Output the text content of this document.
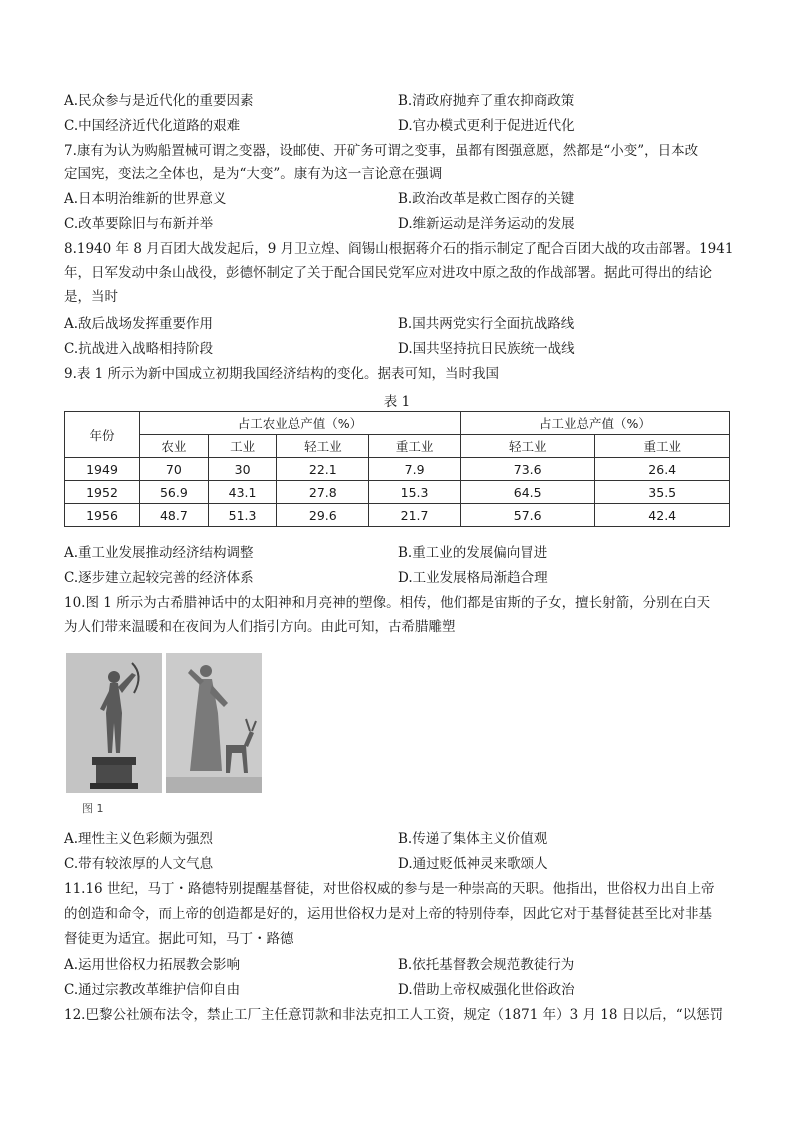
A.民众参与是近代化的重要因素	B.清政府抛弃了重农抑商政策
C.中国经济近代化道路的艰难	D.官办模式更利于促进近代化
7.康有为认为购船置械可谓之变器，设邮使、开矿务可谓之变事，虽都有图强意愿，然都是“小变”，日本改
定国宪，变法之全体也，是为“大变”。康有为这一言论意在强调
A.日本明治维新的世界意义	B.政治改革是救亡图存的关键
C.改革要除旧与布新并举	D.维新运动是洋务运动的发展
8.1940 年 8 月百团大战发起后，9 月卫立煌、阎锡山根据蒋介石的指示制定了配合百团大战的攻击部署。1941
年，日军发动中条山战役，彭德怀制定了关于配合国民党军应对进攻中原之敌的作战部署。据此可得出的结论
是，当时
A.敌后战场发挥重要作用	B.国共两党实行全面抗战路线
C.抗战进入战略相持阶段	D.国共坚持抗日民族统一战线
9.表 1 所示为新中国成立初期我国经济结构的变化。据表可知，当时我国
表 1
年份	占工农业总产值（%）				占工业总产值（%）	
	农业	工业	轻工业	重工业	轻工业	重工业
1949	70	30	22.1	7.9	73.6	26.4
1952	56.9	43.1	27.8	15.3	64.5	35.5
1956	48.7	51.3	29.6	21.7	57.6	42.4
A.重工业发展推动经济结构调整	B.重工业的发展偏向冒进
C.逐步建立起较完善的经济体系	D.工业发展格局渐趋合理
10.图 1 所示为古希腊神话中的太阳神和月亮神的塑像。相传，他们都是宙斯的子女，擅长射箭，分别在白天
为人们带来温暖和在夜间为人们指引方向。由此可知，古希腊雕塑
图 1
A.理性主义色彩颇为强烈	B.传递了集体主义价值观
C.带有较浓厚的人文气息	D.通过贬低神灵来歌颂人
11.16 世纪，马丁・路德特别提醒基督徒，对世俗权威的参与是一种崇高的天职。他指出，世俗权力出自上帝
的创造和命令，而上帝的创造都是好的，运用世俗权力是对上帝的特别侍奉，因此它对于基督徒甚至比对非基
督徒更为适宜。据此可知，马丁・路德
A.运用世俗权力拓展教会影响	B.依托基督教会规范教徒行为
C.通过宗教改革维护信仰自由	D.借助上帝权威强化世俗政治
12.巴黎公社颁布法令，禁止工厂主任意罚款和非法克扣工人工资，规定（1871 年）3 月 18 日以后，“以惩罚
